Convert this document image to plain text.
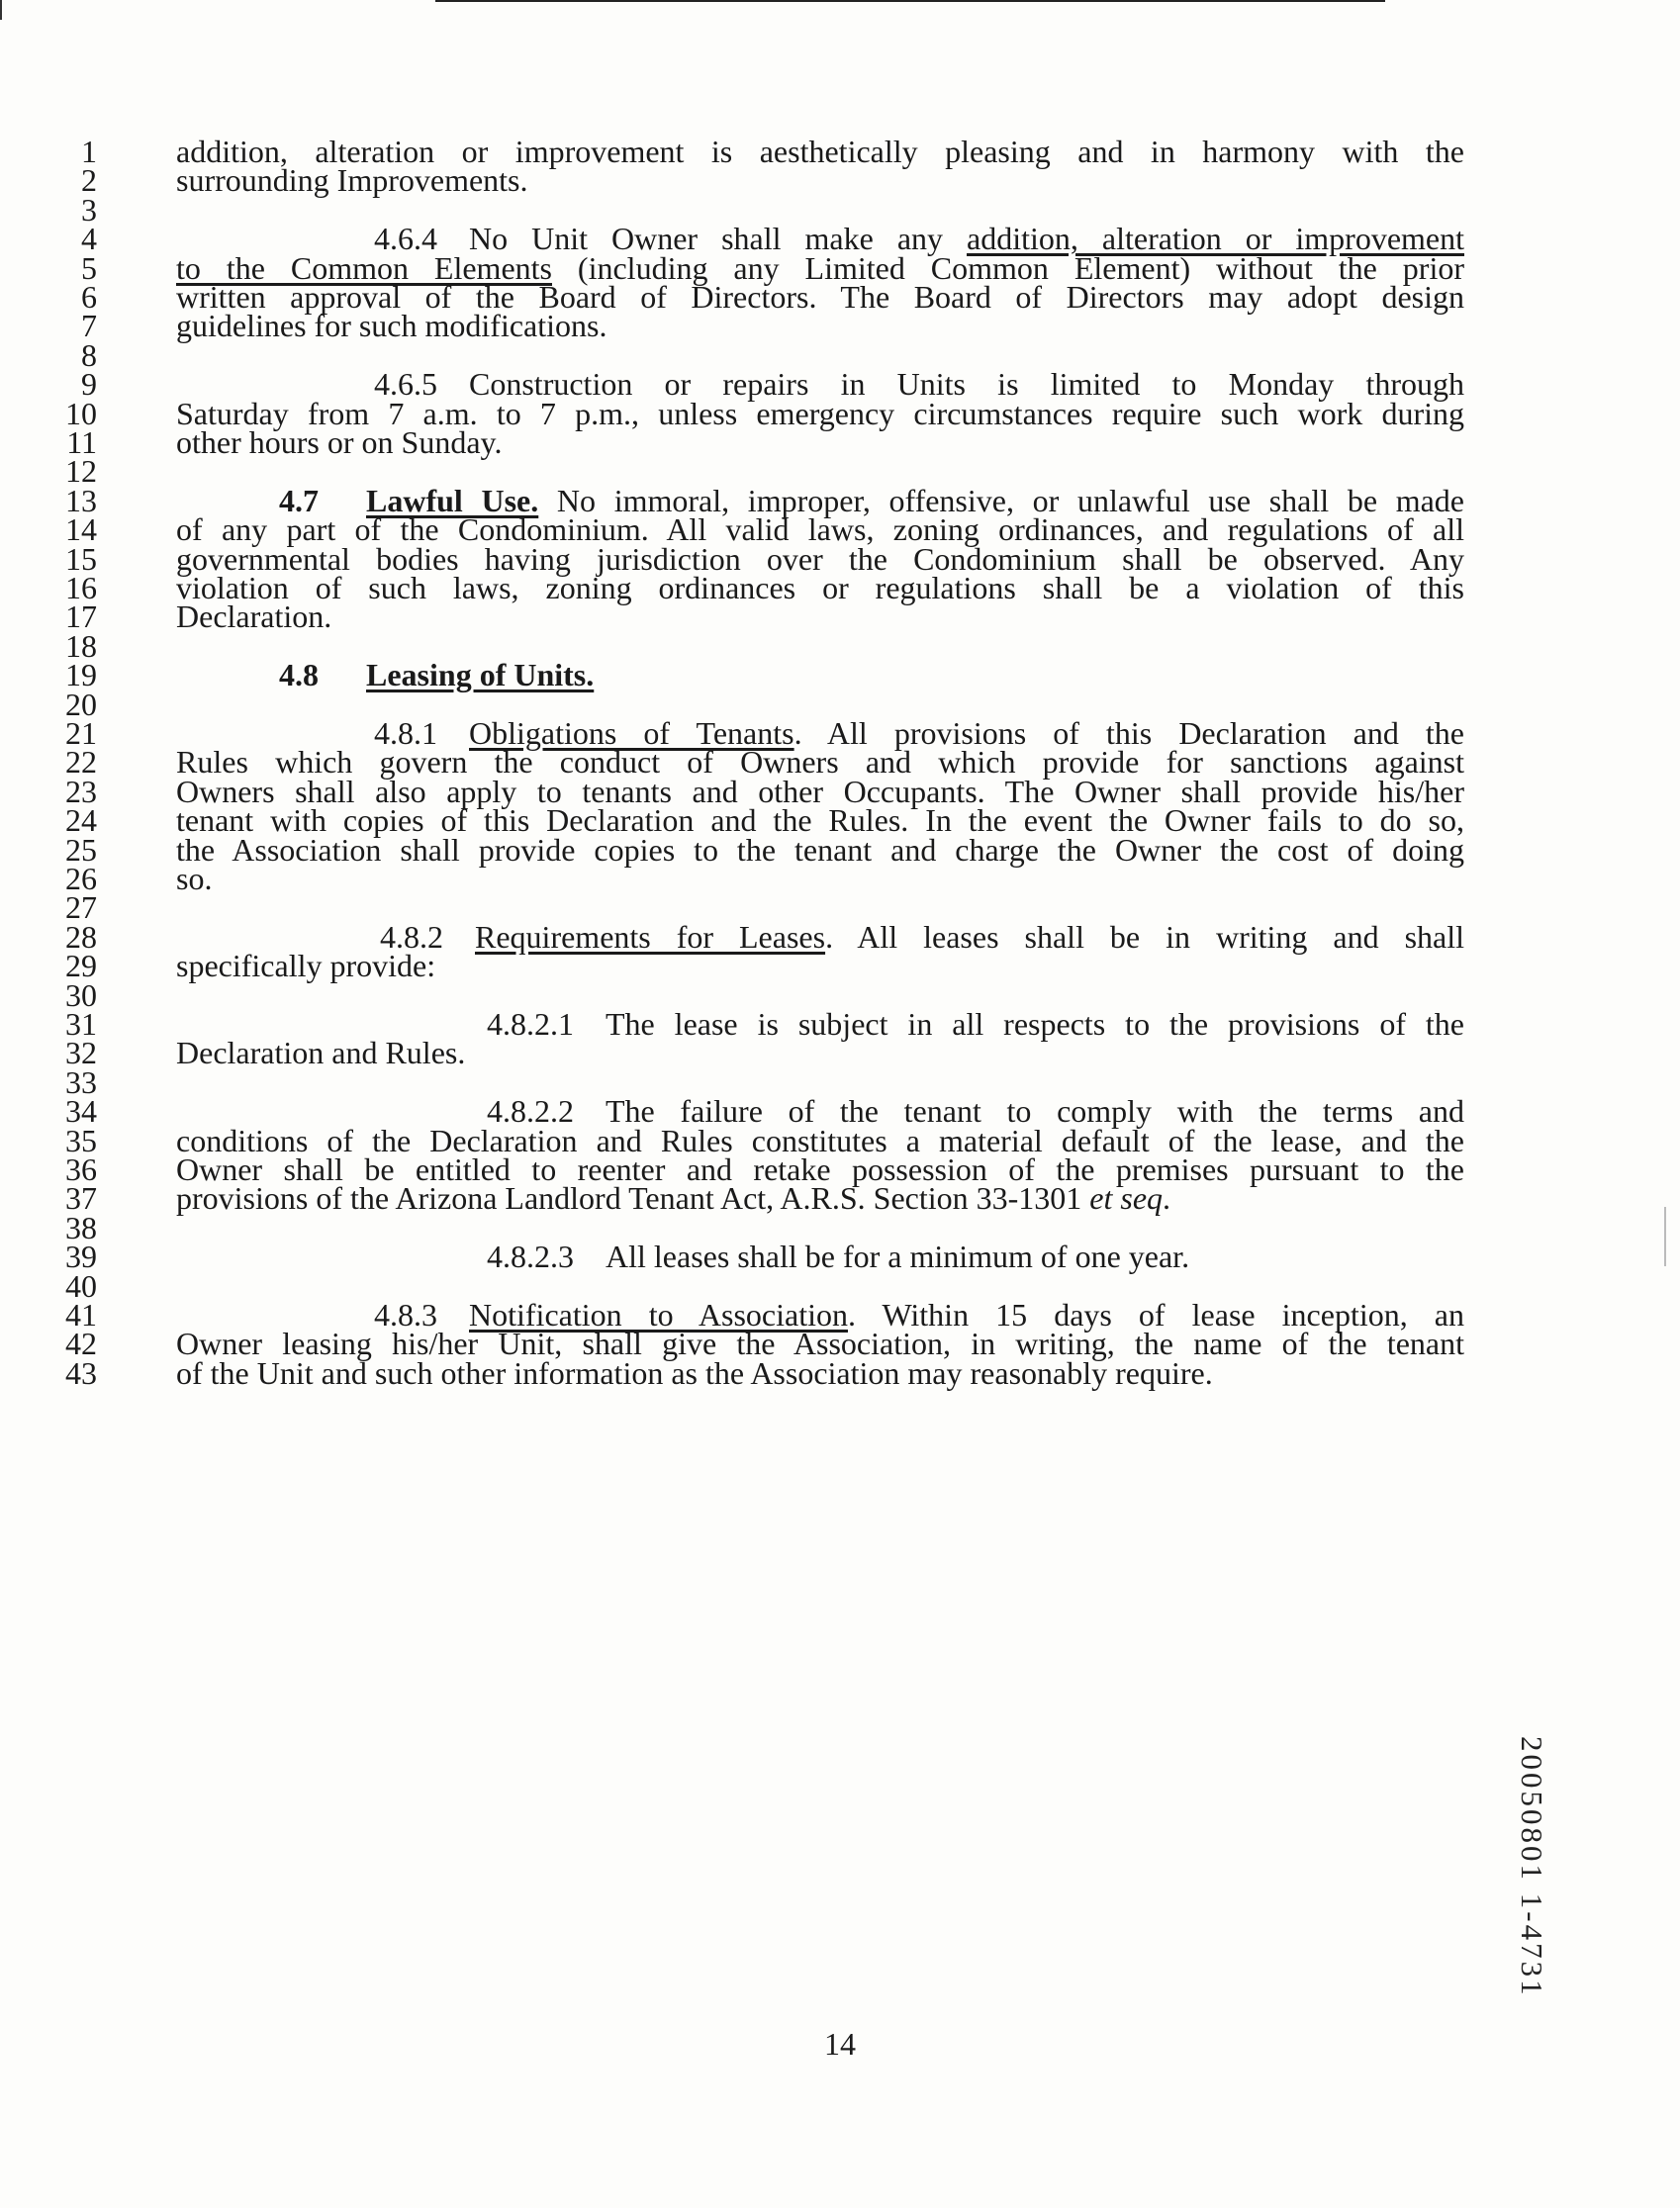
1	addition, alteration or improvement is aesthetically pleasing and in harmony with the
2	surrounding Improvements.
3
4	4.6.4 No Unit Owner shall make any addition, alteration or improvement
5	to the Common Elements (including any Limited Common Element) without the prior
6	written approval of the Board of Directors. The Board of Directors may adopt design
7	guidelines for such modifications.
8
9	4.6.5 Construction or repairs in Units is limited to Monday through
10	Saturday from 7 a.m. to 7 p.m., unless emergency circumstances require such work during
11	other hours or on Sunday.
12
13	4.7   Lawful Use. No immoral, improper, offensive, or unlawful use shall be made
14	of any part of the Condominium. All valid laws, zoning ordinances, and regulations of all
15	governmental bodies having jurisdiction over the Condominium shall be observed. Any
16	violation of such laws, zoning ordinances or regulations shall be a violation of this
17	Declaration.
18
19	4.8   Leasing of Units.
20
21	4.8.1 Obligations of Tenants. All provisions of this Declaration and the
22	Rules which govern the conduct of Owners and which provide for sanctions against
23	Owners shall also apply to tenants and other Occupants. The Owner shall provide his/her
24	tenant with copies of this Declaration and the Rules. In the event the Owner fails to do so,
25	the Association shall provide copies to the tenant and charge the Owner the cost of doing
26	so.
27
28	4.8.2 Requirements for Leases. All leases shall be in writing and shall
29	specifically provide:
30
31	4.8.2.1 The lease is subject in all respects to the provisions of the
32	Declaration and Rules.
33
34	4.8.2.2 The failure of the tenant to comply with the terms and
35	conditions of the Declaration and Rules constitutes a material default of the lease, and the
36	Owner shall be entitled to reenter and retake possession of the premises pursuant to the
37	provisions of the Arizona Landlord Tenant Act, A.R.S. Section 33-1301 et seq.
38
39	4.8.2.3 All leases shall be for a minimum of one year.
40
41	4.8.3 Notification to Association. Within 15 days of lease inception, an
42	Owner leasing his/her Unit, shall give the Association, in writing, the name of the tenant
43	of the Unit and such other information as the Association may reasonably require.
14
20050801 1-4731
